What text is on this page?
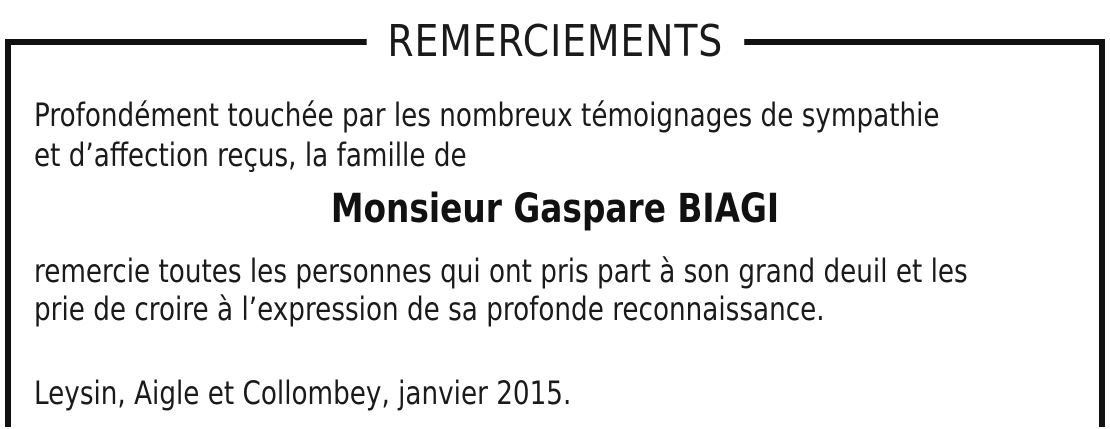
REMERCIEMENTS
Profondément touchée par les nombreux témoignages de sympathie
et d’affection reçus, la famille de
Monsieur Gaspare BIAGI
remercie toutes les personnes qui ont pris part à son grand deuil et les
prie de croire à l’expression de sa profonde reconnaissance.
Leysin, Aigle et Collombey, janvier 2015.
